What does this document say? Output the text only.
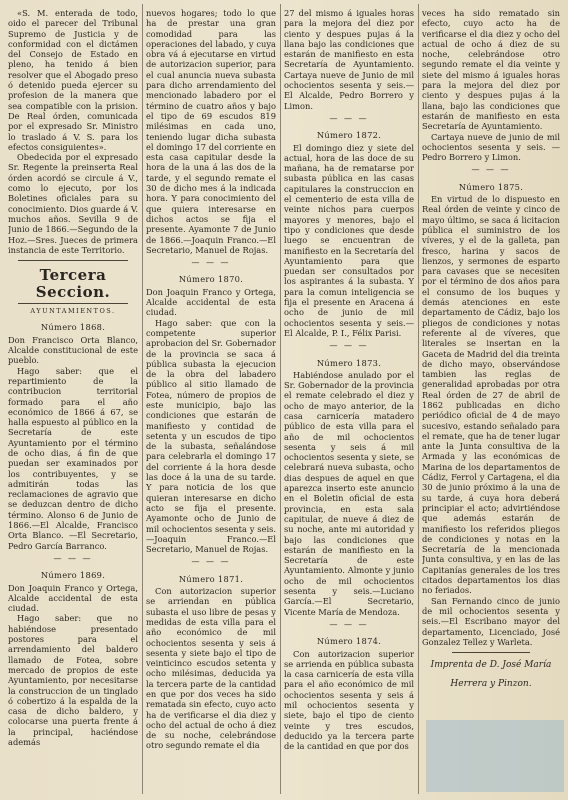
«S. M. enterada de todo, oido el parecer del Tribunal Supremo de Justicia y de conformidad con el dictámen del Consejo de Estado en pleno, ha tenido á bien resolver que el Abogado preso ó detenido pueda ejercer su profesion de la manera que sea compatible con la prision. De Real órden, comunicada por el expresado Sr. Ministro lo traslado á V. S. para los efectos consiguientes».

Obedecida por el expresado Sr. Regente la preinserta Real órden acordó se circule á V., como lo ejecuto, por los Boletines oficiales para su conocimiento. Dios guarde á V. muchos años. Sevilla 9 de Junio de 1866.—Segundo de la Hoz.—Sres. Jueces de primera instancia de este Territorio.

Tercera Seccion.
AYUNTAMIENTOS.
Número 1868.

Don Francisco Orta Blanco, Alcalde constitucional de este pueblo.

Hago saber: que el repartimiento de la contribucion territorial formado para el año económico de 1866 á 67, se halla espuesto al público en la Secretaría de este Ayuntamiento por el término de ocho dias, á fin de que puedan ser examinados por los contribuyentes, y se admitirán todas las reclamaciones de agravio que se deduzcan dentro de dicho término. Alonso 6 de Junio de 1866.—El Alcalde, Francisco Orta Blanco. —El Secretario, Pedro García Barranco.

— — —
Número 1869.

Don Joaquin Franco y Ortega, Alcalde accidental de esta ciudad.

Hago saber: que no habiéndose presentado postores para el arrendamiento del baldero llamado de Fotea, sobre mercado de propios de este Ayuntamiento, por necesitarse la construccion de un tinglado ó cobertizo á la espalda de la casa de dicho baldero, y colocarse una puerta frente á la principal, haciéndose además

nuevos hogares; todo lo que ha de prestar una gran comodidad para las operaciones del labado, y cuya obra vá á ejecutarse en virtud de autorizacion superior, para el cual anuncia nueva subasta para dicho arrendamiento del mencionado labadero por el término de cuatro años y bajo el tipo de 69 escudos 819 milésimas en cada uno, teniendo lugar dicha subasta el domingo 17 del corriente en esta casa capitular desde la hora de la una á las dos de la tarde, y el segundo remate el 30 de dicho mes á la indicada hora. Y para conocimiento del que quiera interesarse en dichos actos se fija el presente. Ayamonte 7 de Junio de 1866.—Joaquin Franco.—El Secretario, Manuel de Rojas.

— — —
Número 1870.

Don Joaquin Franco y Ortega, Alcalde accidental de esta ciudad.

Hago saber: que con la competente superior aprobacion del Sr. Gobernador de la provincia se saca á pública subasta la ejecucion de la obra del labadero público al sitio llamado de Fotea, número de propios de este municipio, bajo las condiciones que estarán de manifiesto y contidad de setenta y un escudos de tipo de la subasta, señalándose para celebrarla el domingo 17 del corriente á la hora desde las doce á la una de su tarde. Y para noticia de los que quieran interesarse en dicho acto se fija el presente. Ayamonte ocho de Junio de mil ochocientos sesenta y seis. —Joaquin Franco.—El Secretario, Manuel de Rojas.

— — —
Número 1871.

Con autorizacion superior se arriendan en pública subasta el uso libre de pesas y medidas de esta villa para el año económico de mil ochocientos sesenta y seis á sesenta y siete bajo el tipo de veinticinco escudos setenta y ocho milésimas, deducida ya la tercera parte de la cantidad en que por dos veces ha sido rematada sin efecto, cuyo acto ha de verificarse el dia diez y ocho del actual de ocho á diez de su noche, celebrándose otro segundo remate el dia

27 del mismo á iguales horas para la mejora del diez por ciento y despues pujas á la llana bajo las condiciones que estarán de manifiesto en esta Secretaría de Ayuntamiento. Cartaya nueve de Junio de mil ochocientos sesenta y seis.—El Alcalde, Pedro Borrero y Limon.

— — —
Número 1872.

El domingo diez y siete del actual, hora de las doce de su mañana, ha de rematarse por subasta pública en las casas capitulares la construccion en el cementerio de esta villa de veinte nichos para cuerpos mayores y menores, bajo el tipo y condiciones que desde luego se encuentran de manifiesto en la Secretaría del Ayuntamiento para que puedan ser consultados por los aspirantes á la subasta. Y para la comun inteligencia se fija el presente en Aracena á ocho de junio de mil ochocientos sesenta y seis.—El Alcalde, P. I., Félix Parisi.

— — —
Número 1873.

Habiéndose anulado por el Sr. Gobernador de la provincia el remate celebrado el diez y ocho de mayo anterior, de la casa carnicería matadero público de esta villa para el año de mil ochocientos sesenta y seis á mil ochocientos sesenta y siete, se celebrará nueva subasta, ocho dias despues de aquel en que aparezca inserto este anuncio en el Boletin oficial de esta provincia, en esta sala capitular, de nueve á diez de su noche, ante mi autoridad y bajo las condiciones que estarán de manifiesto en la Secretaría de este Ayuntamiento. Almonte y junio ocho de mil ochocientos sesenta y seis.—Luciano García.—El Secretario, Vicente María de Mendoza.

— — —
Número 1874.

Con autorizacion superior se arrienda en pública subasta la casa carnicería de esta villa para el año económico de mil ochocientos sesenta y seis á mil ochocientos sesenta y siete, bajo el tipo de ciento veinte y tres escudos, deducido ya la tercera parte de la cantidad en que por dos

veces ha sido rematado sin efecto, cuyo acto ha de verificarse el dia diez y ocho del actual de ocho á diez de su noche, celebrándose otro segundo remate el dia veinte y siete del mismo á iguales horas para la mejora del diez por ciento y despues pujas á la llana, bajo las condiciones que estarán de manifiesto en esta Secretaría de Ayuntamiento.

Cartaya nueve de junio de mil ochocientos sesenta y seis. —Pedro Borrero y Limon.

— — —
Número 1875.

En virtud de lo dispuesto en Real órden de veinte y cinco de mayo último, se saca á licitacion pública el suministro de los víveres, y el de la galleta, pan fresco, harina y sacos de lienzos, y sermones de esparto para cavases que se necesiten por el término de dos años para el consumo de los buques y demás atenciones en este departamento de Cádiz, bajo los pliegos de condiciones y notas referente al de víveres, que literales se insertan en la Gaceta de Madrid del dia treinta de dicho mayo, observándose tambien las reglas de generalidad aprobadas por otra Real órden de 27 de abril de 1862 publicadas en dicho periódico oficial de 4 de mayo sucesivo, estando señalado para el remate, que ha de tener lugar ante la Junta consultiva de la Armada y las económicas de Marina de los departamentos de Cádiz, Ferrol y Cartagena, el dia 30 de junio próximo á la una de su tarde, á cuya hora deberá principiar el acto; advirtiéndose que además estarán de manifiesto los referidos pliegos de condiciones y notas en la Secretaría de la mencionada Junta consultiva, y en las de las Capitanías generales de los tres citados departamentos los dias no feriados.

San Fernando cinco de junio de mil ochocientos sesenta y seis.—El Escribano mayor del departamento, Licenciado, José Gonzalez Tellez y Warleta.

Imprenta de D. José María
Herrera y Pinzon.
